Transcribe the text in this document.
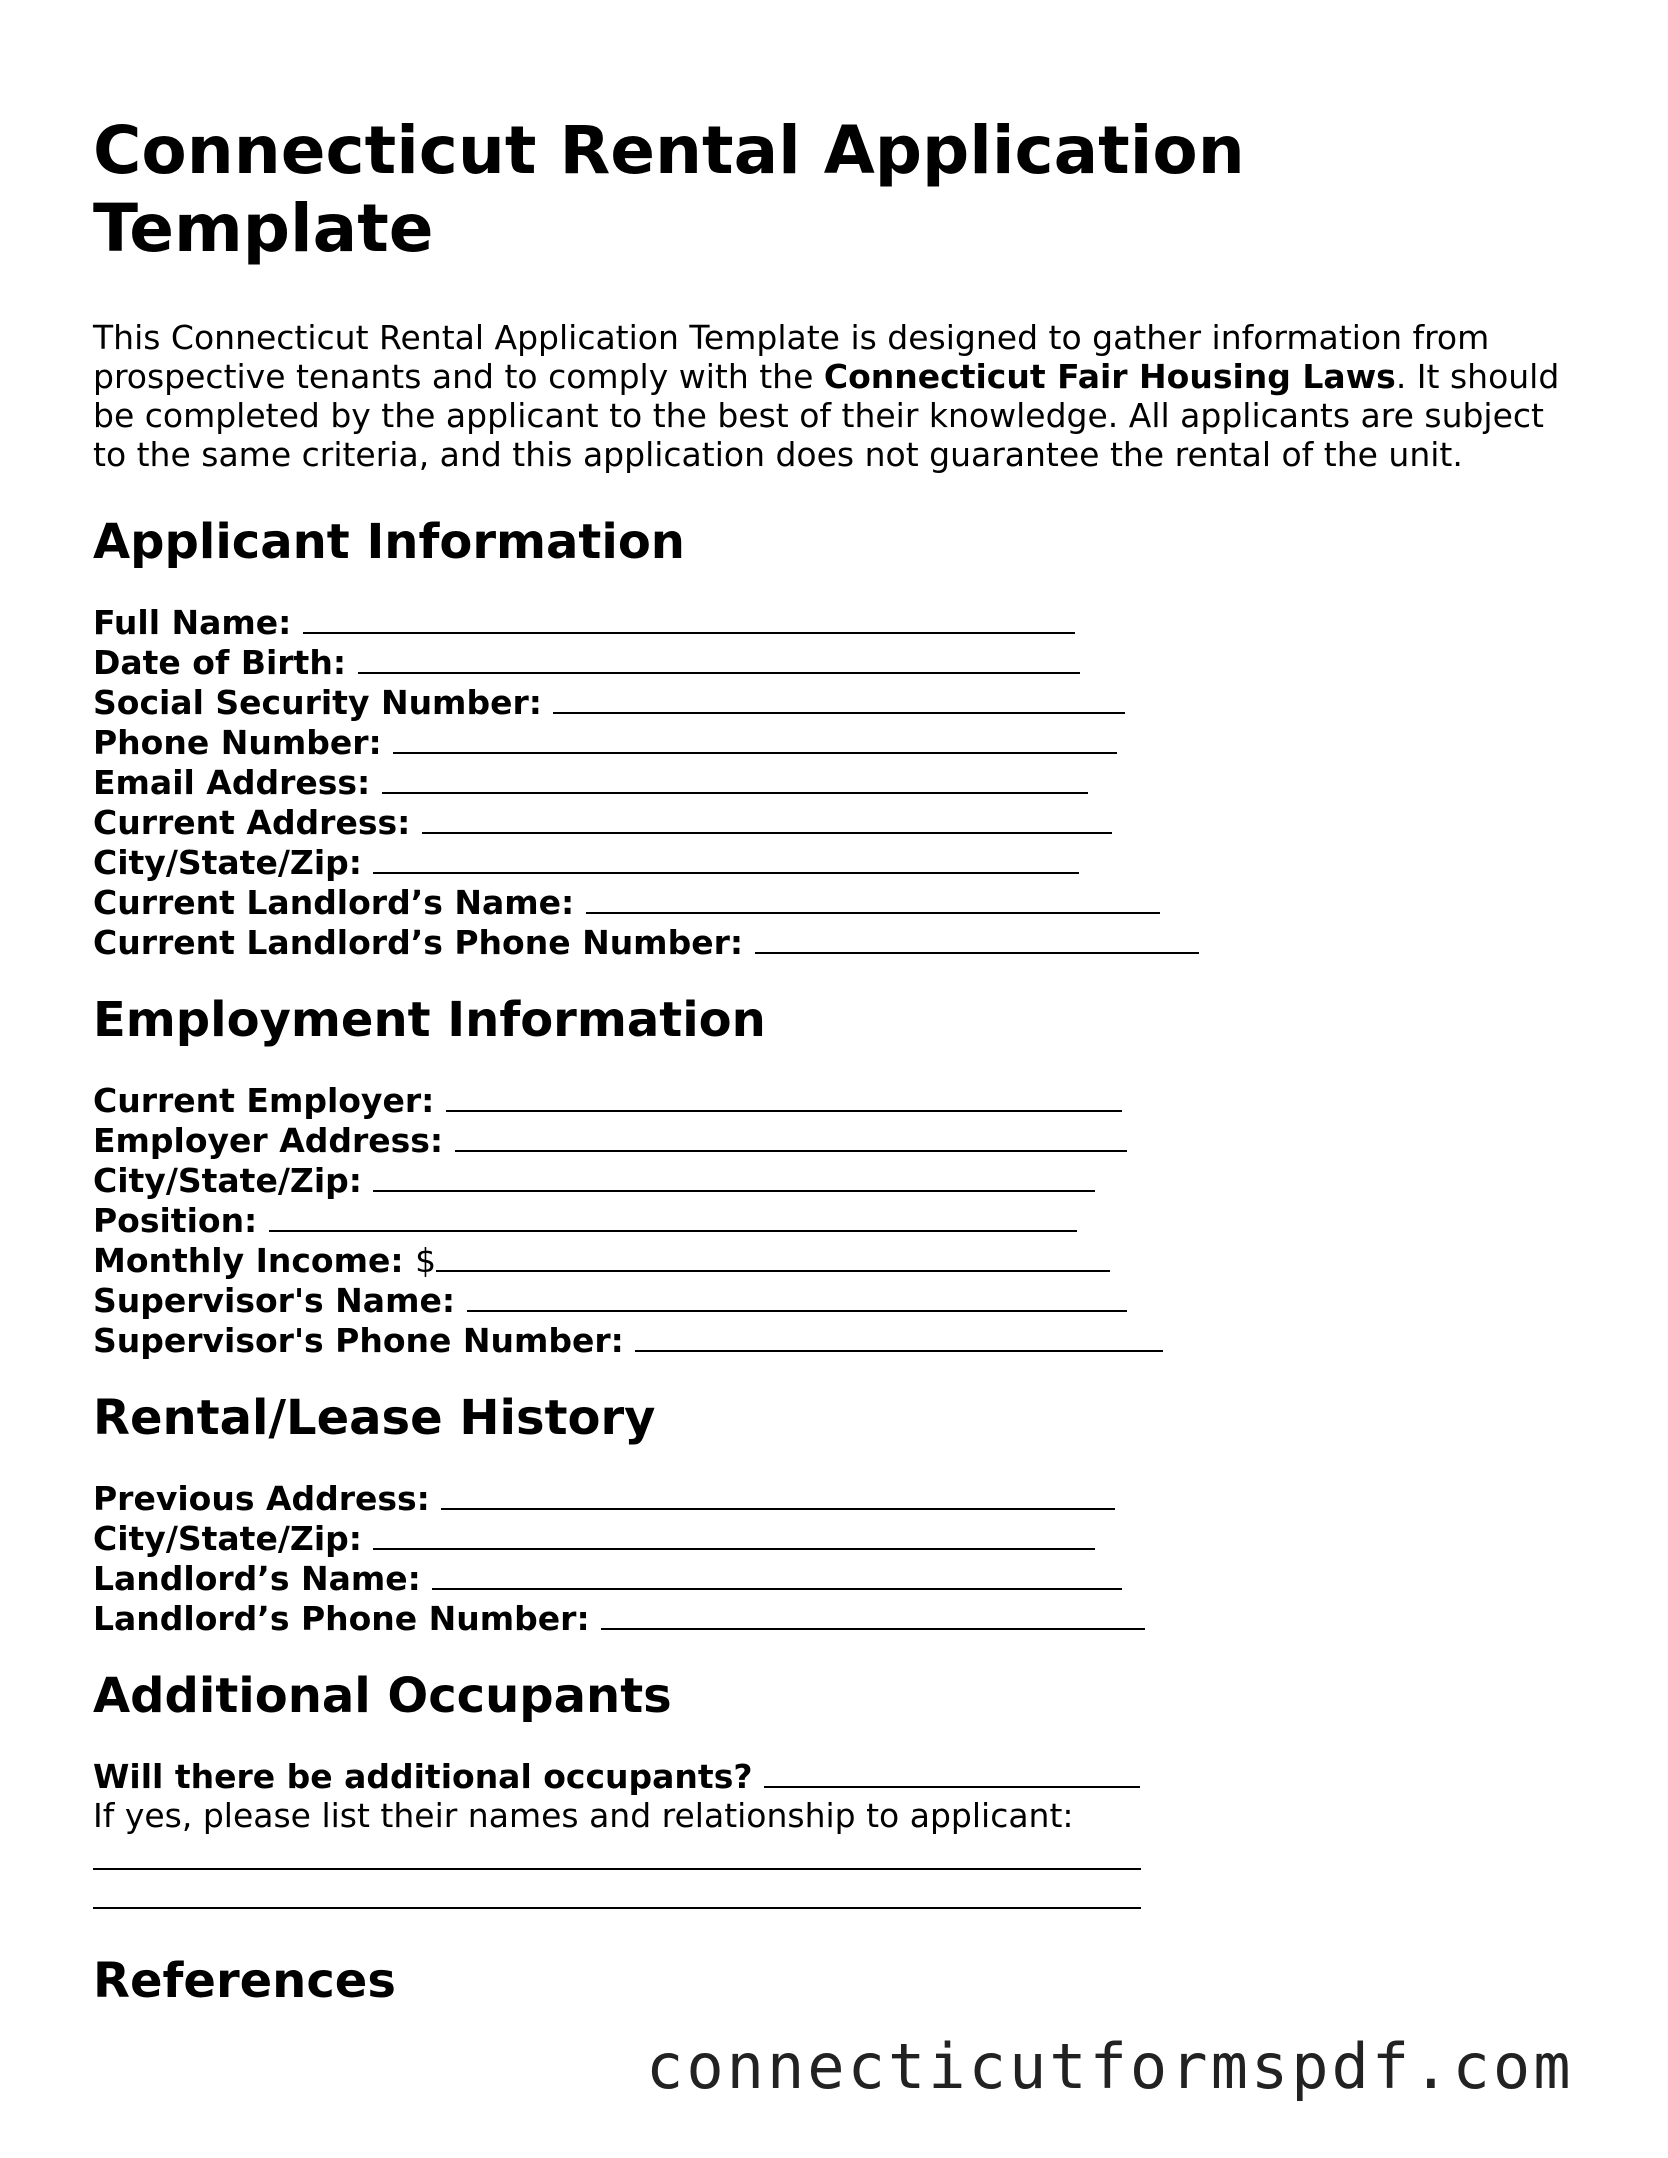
Connecticut Rental Application Template

This Connecticut Rental Application Template is designed to gather information from prospective tenants and to comply with the Connecticut Fair Housing Laws. It should be completed by the applicant to the best of their knowledge. All applicants are subject to the same criteria, and this application does not guarantee the rental of the unit.

Applicant Information
Full Name:
Date of Birth:
Social Security Number:
Phone Number:
Email Address:
Current Address:
City/State/Zip:
Current Landlord’s Name:
Current Landlord’s Phone Number:
Employment Information
Current Employer:
Employer Address:
City/State/Zip:
Position:
Monthly Income: $
Supervisor's Name:
Supervisor's Phone Number:
Rental/Lease History
Previous Address:
City/State/Zip:
Landlord’s Name:
Landlord’s Phone Number:
Additional Occupants
Will there be additional occupants?
If yes, please list their names and relationship to applicant:
References
connecticutformspdf.com
